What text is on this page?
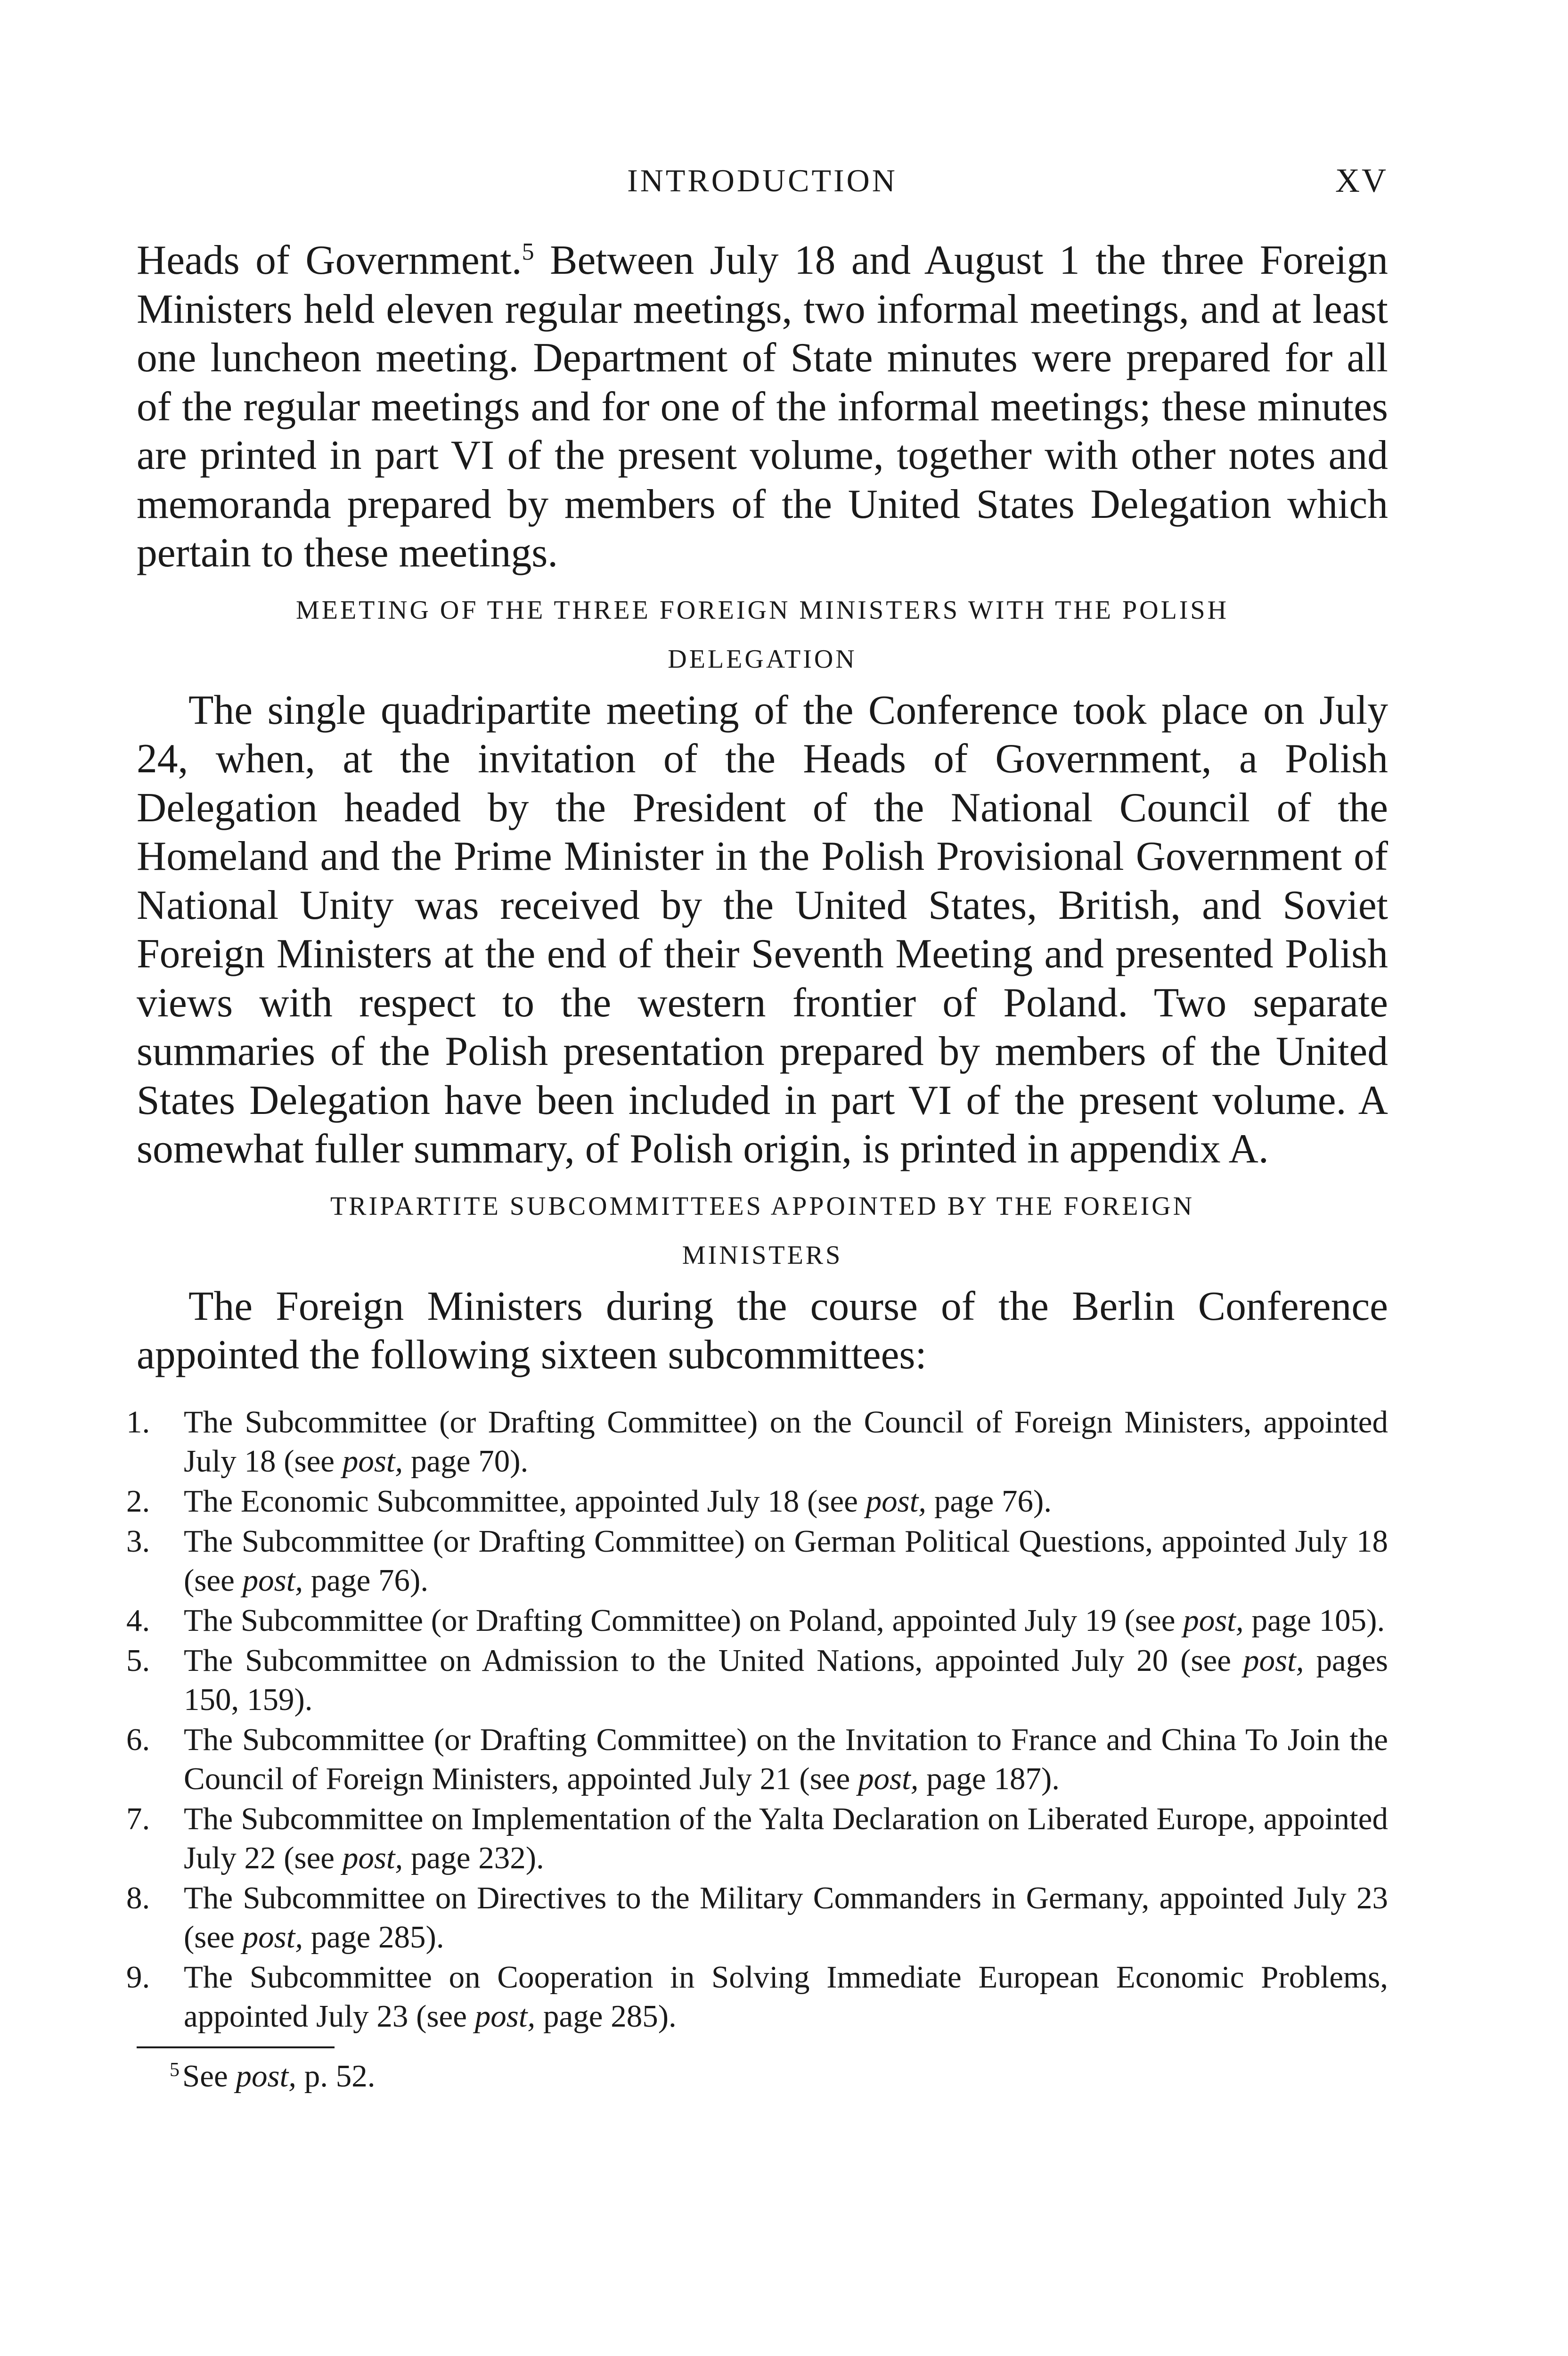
INTRODUCTION	XV

Heads of Government.$^5$ Between July 18 and August 1 the three Foreign Ministers held eleven regular meetings, two informal meetings, and at least one luncheon meeting. Department of State minutes were prepared for all of the regular meetings and for one of the informal meetings; these minutes are printed in part VI of the present volume, together with other notes and memoranda prepared by members of the United States Delegation which pertain to these meetings.

MEETING OF THE THREE FOREIGN MINISTERS WITH THE POLISH
DELEGATION

The single quadripartite meeting of the Conference took place on July 24, when, at the invitation of the Heads of Government, a Polish Delegation headed by the President of the National Council of the Homeland and the Prime Minister in the Polish Provisional Government of National Unity was received by the United States, British, and Soviet Foreign Ministers at the end of their Seventh Meeting and presented Polish views with respect to the western frontier of Poland. Two separate summaries of the Polish presentation prepared by members of the United States Delegation have been included in part VI of the present volume. A somewhat fuller summary, of Polish origin, is printed in appendix A.

TRIPARTITE SUBCOMMITTEES APPOINTED BY THE FOREIGN
MINISTERS

The Foreign Ministers during the course of the Berlin Conference appointed the following sixteen subcommittees:

1.	The Subcommittee (or Drafting Committee) on the Council of Foreign Ministers, appointed July 18 (see post, page 70).
2.	The Economic Subcommittee, appointed July 18 (see post, page 76).
3.	The Subcommittee (or Drafting Committee) on German Political Questions, appointed July 18 (see post, page 76).
4.	The Subcommittee (or Drafting Committee) on Poland, appointed July 19 (see post, page 105).
5.	The Subcommittee on Admission to the United Nations, appointed July 20 (see post, pages 150, 159).
6.	The Subcommittee (or Drafting Committee) on the Invitation to France and China To Join the Council of Foreign Ministers, appointed July 21 (see post, page 187).
7.	The Subcommittee on Implementation of the Yalta Declaration on Liberated Europe, appointed July 22 (see post, page 232).
8.	The Subcommittee on Directives to the Military Commanders in Germany, appointed July 23 (see post, page 285).
9.	The Subcommittee on Cooperation in Solving Immediate European Economic Problems, appointed July 23 (see post, page 285).

$^5$See post, p. 52.
